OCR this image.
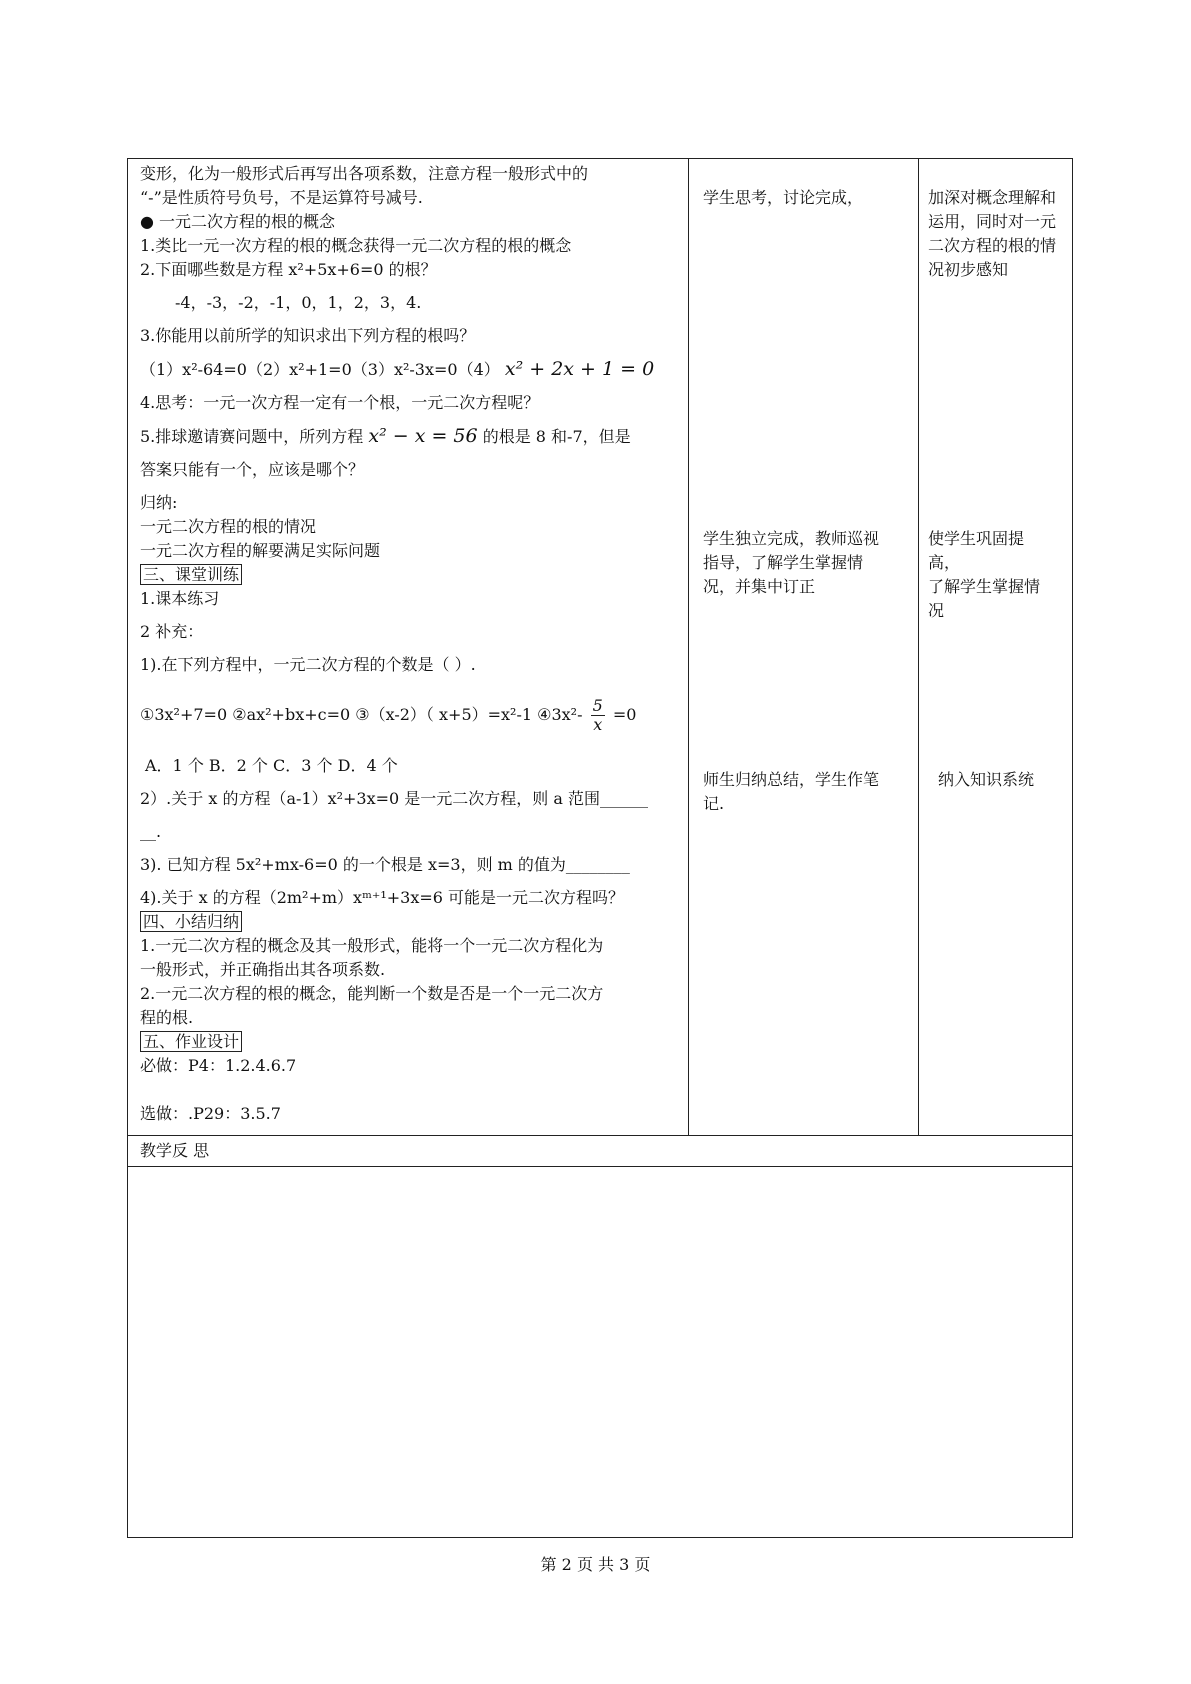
变形，化为一般形式后再写出各项系数，注意方程一般形式中的

“-”是性质符号负号，不是运算符号减号.

● 一元二次方程的根的概念

1.类比一元一次方程的根的概念获得一元二次方程的根的概念

2.下面哪些数是方程 x²+5x+6=0 的根？

-4，-3，-2，-1，0，1，2，3，4.

3.你能用以前所学的知识求出下列方程的根吗？

（1）x²-64=0（2）x²+1=0（3）x²-3x=0（4） x² + 2x + 1 = 0

4.思考：一元一次方程一定有一个根，一元二次方程呢？

5.排球邀请赛问题中，所列方程 x² − x = 56 的根是 8 和-7，但是

答案只能有一个，应该是哪个？

归纳:

一元二次方程的根的情况

一元二次方程的解要满足实际问题

三、课堂训练

1.课本练习

2 补充：

1).在下列方程中，一元二次方程的个数是（ ）.

①3x²+7=0 ②ax²+bx+c=0 ③（x-2）（ x+5）=x²-1 ④3x²- $\frac{5}{x} =0$

A．1 个 B．2 个 C．3 个 D．4 个

2）.关于 x 的方程（a-1）x²+3x=0 是一元二次方程，则 a 范围______

__.

3). 已知方程 5x²+mx-6=0 的一个根是 x=3，则 m 的值为________

4).关于 x 的方程（2m²+m）xᵐ⁺¹+3x=6 可能是一元二次方程吗？

四、小结归纳

1.一元二次方程的概念及其一般形式，能将一个一元二次方程化为

一般形式，并正确指出其各项系数.

2.一元二次方程的根的概念，能判断一个数是否是一个一元二次方

程的根.

五、作业设计

必做：P4：1.2.4.6.7

选做：.P29：3.5.7

学生思考，讨论完成，

学生独立完成，教师巡视

指导，了解学生掌握情

况，并集中订正

师生归纳总结，学生作笔

记.

加深对概念理解和

运用，同时对一元

二次方程的根的情

况初步感知

使学生巩固提

高，

了解学生掌握情

况

纳入知识系统

教学反 思

第 2 页 共 3 页
